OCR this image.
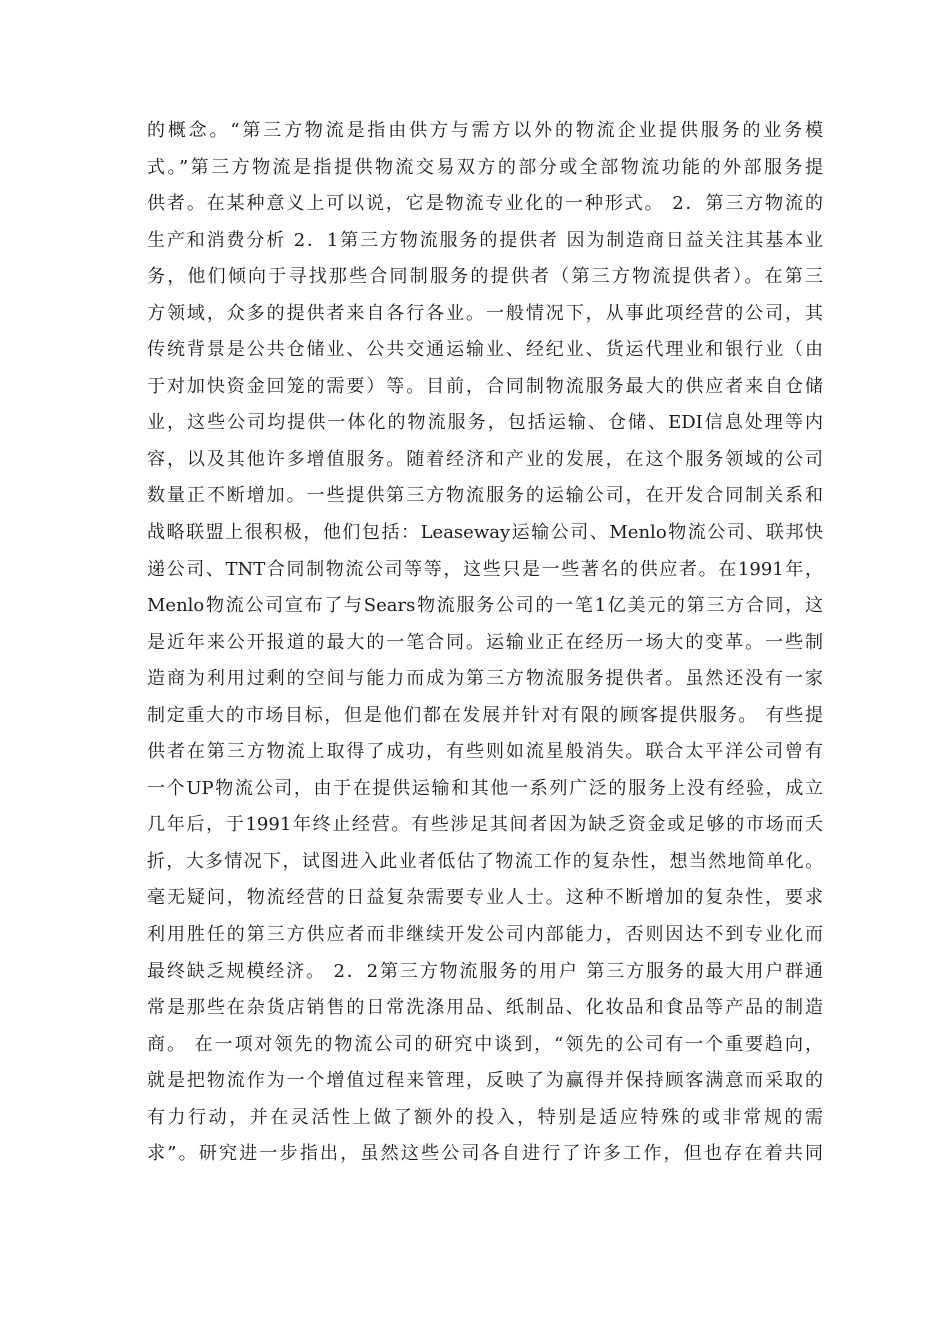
的概念。“第三方物流是指由供方与需方以外的物流企业提供服务的业务模
式。”第三方物流是指提供物流交易双方的部分或全部物流功能的外部服务提
供者。在某种意义上可以说，它是物流专业化的一种形式。 2．第三方物流的
生产和消费分析 2．1第三方物流服务的提供者 因为制造商日益关注其基本业
务，他们倾向于寻找那些合同制服务的提供者（第三方物流提供者）。在第三
方领域，众多的提供者来自各行各业。一般情况下，从事此项经营的公司，其
传统背景是公共仓储业、公共交通运输业、经纪业、货运代理业和银行业（由
于对加快资金回笼的需要）等。目前，合同制物流服务最大的供应者来自仓储
业，这些公司均提供一体化的物流服务，包括运输、仓储、EDI信息处理等内
容，以及其他许多增值服务。随着经济和产业的发展，在这个服务领域的公司
数量正不断增加。一些提供第三方物流服务的运输公司，在开发合同制关系和
战略联盟上很积极，他们包括：Leaseway运输公司、Menlo物流公司、联邦快
递公司、TNT合同制物流公司等等，这些只是一些著名的供应者。在1991年，
Menlo物流公司宣布了与Sears物流服务公司的一笔1亿美元的第三方合同，这
是近年来公开报道的最大的一笔合同。运输业正在经历一场大的变革。一些制
造商为利用过剩的空间与能力而成为第三方物流服务提供者。虽然还没有一家
制定重大的市场目标，但是他们都在发展并针对有限的顾客提供服务。 有些提
供者在第三方物流上取得了成功，有些则如流星般消失。联合太平洋公司曾有
一个UP物流公司，由于在提供运输和其他一系列广泛的服务上没有经验，成立
几年后，于1991年终止经营。有些涉足其间者因为缺乏资金或足够的市场而夭
折，大多情况下，试图进入此业者低估了物流工作的复杂性，想当然地简单化。
毫无疑问，物流经营的日益复杂需要专业人士。这种不断增加的复杂性，要求
利用胜任的第三方供应者而非继续开发公司内部能力，否则因达不到专业化而
最终缺乏规模经济。 2．2第三方物流服务的用户 第三方服务的最大用户群通
常是那些在杂货店销售的日常洗涤用品、纸制品、化妆品和食品等产品的制造
商。 在一项对领先的物流公司的研究中谈到，“领先的公司有一个重要趋向，
就是把物流作为一个增值过程来管理，反映了为赢得并保持顾客满意而采取的
有力行动，并在灵活性上做了额外的投入，特别是适应特殊的或非常规的需
求”。研究进一步指出，虽然这些公司各自进行了许多工作，但也存在着共同
